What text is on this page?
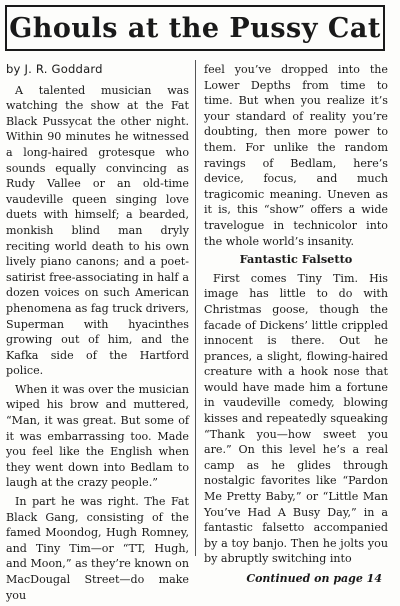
Ghouls at the Pussy Cat
by J. R. Goddard

A talented musician was watching the show at the Fat Black Pussycat the other night. Within 90 minutes he witnessed a long-haired grotesque who sounds equally convincing as Rudy Vallee or an old-time vaudeville queen singing love duets with himself; a bearded, monkish blind man dryly reciting world death to his own lively piano canons; and a poet-satirist free-associating in half a dozen voices on such American phenomena as fag truck drivers, Superman with hyacinthes growing out of him, and the Kafka side of the Hartford police.

When it was over the musician wiped his brow and muttered, “Man, it was great. But some of it was embarrassing too. Made you feel like the English when they went down into Bedlam to laugh at the crazy people.”

In part he was right. The Fat Black Gang, consisting of the famed Moondog, Hugh Romney, and Tiny Tim—or “TT, Hugh, and Moon,” as they’re known on MacDougal Street—do make you

feel you’ve dropped into the Lower Depths from time to time. But when you realize it’s your standard of reality you’re doubting, then more power to them. For unlike the random ravings of Bedlam, here’s device, focus, and much tragicomic meaning. Uneven as it is, this “show” offers a wide travelogue in technicolor into the whole world’s insanity.

Fantastic Falsetto

First comes Tiny Tim. His image has little to do with Christmas goose, though the facade of Dickens’ little crippled innocent is there. Out he prances, a slight, flowing-haired creature with a hook nose that would have made him a fortune in vaudeville comedy, blowing kisses and repeatedly squeaking “Thank you—how sweet you are.” On this level he’s a real camp as he glides through nostalgic favorites like “Pardon Me Pretty Baby,” or “Little Man You’ve Had A Busy Day,” in a fantastic falsetto accompanied by a toy banjo. Then he jolts you by abruptly switching into

Continued on page 14
